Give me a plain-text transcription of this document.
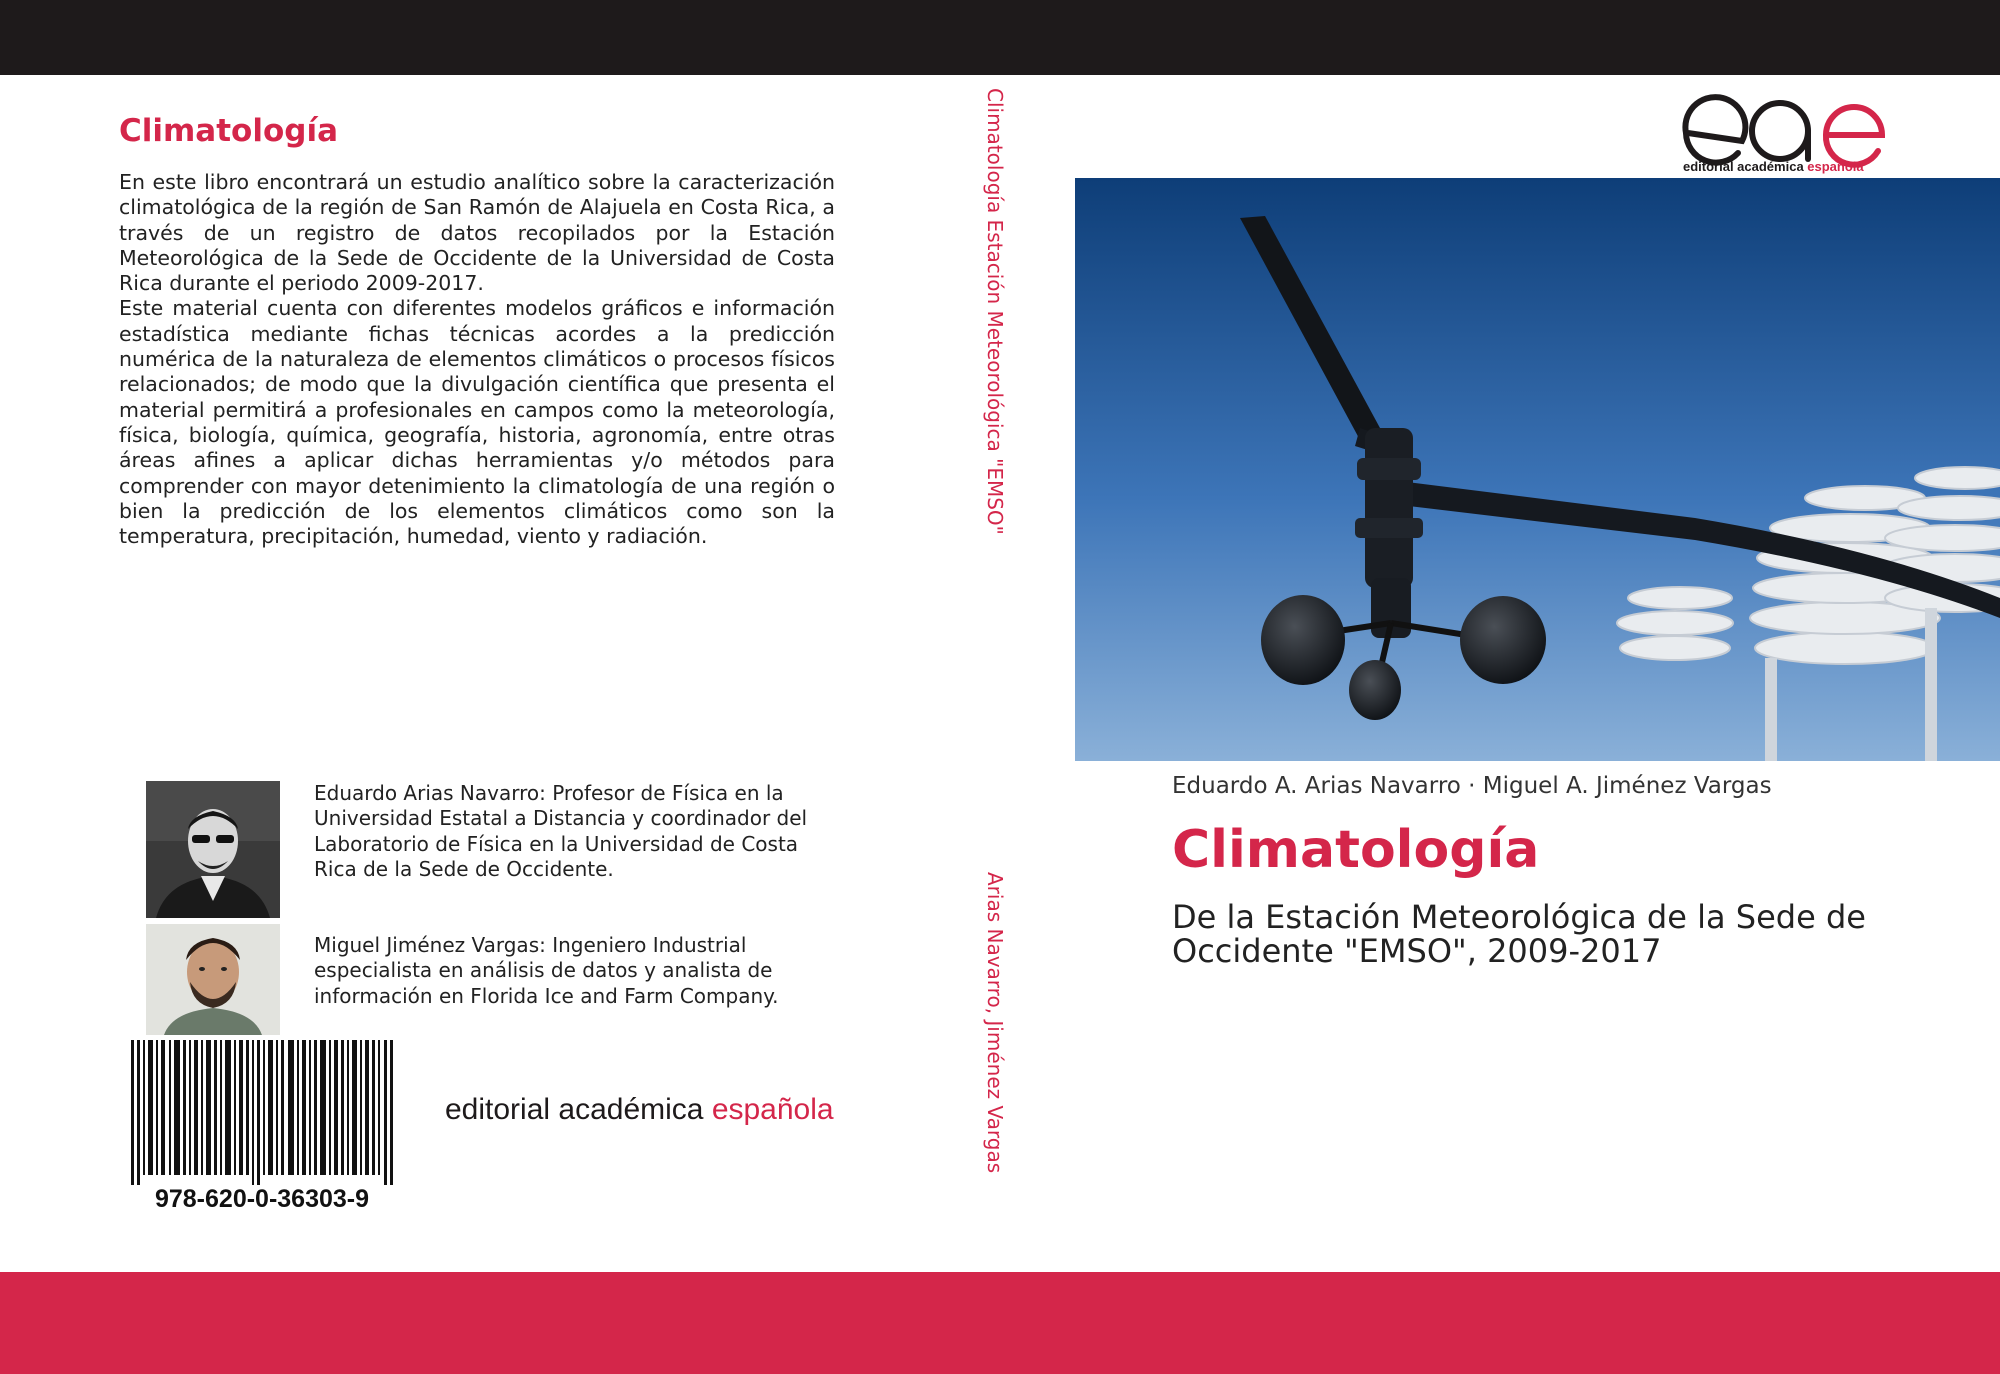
Climatología

En este libro encontrará un estudio analítico sobre la caracterización climatológica de la región de San Ramón de Alajuela en Costa Rica, a través de un registro de datos recopilados por la Estación Meteorológica de la Sede de Occidente de la Universidad de Costa Rica durante el periodo 2009-2017.

Este material cuenta con diferentes modelos gráficos e información estadística mediante fichas técnicas acordes a la predicción numérica de la naturaleza de elementos climáticos o procesos físicos relacionados; de modo que la divulgación científica que presenta el material permitirá a profesionales en campos como la meteorología, física, biología, química, geografía, historia, agronomía, entre otras áreas afines a aplicar dichas herramientas y/o métodos para comprender con mayor detenimiento la climatología de una región o bien la predicción de los elementos climáticos como son la temperatura, precipitación, humedad, viento y radiación.

Eduardo Arias Navarro: Profesor de Física en la Universidad Estatal a Distancia y coordinador del Laboratorio de Física en la Universidad de Costa Rica de la Sede de Occidente.
Miguel Jiménez Vargas: Ingeniero Industrial especialista en análisis de datos y analista de información en Florida Ice and Farm Company.
978-620-0-36303-9
editorial académica española
Climatología Estación Meteorológica "EMSO"
Arias Navarro, Jiménez Vargas
editorial académica española
Eduardo A. Arias Navarro · Miguel A. Jiménez Vargas
Climatología
De la Estación Meteorológica de la Sede de Occidente "EMSO", 2009-2017
